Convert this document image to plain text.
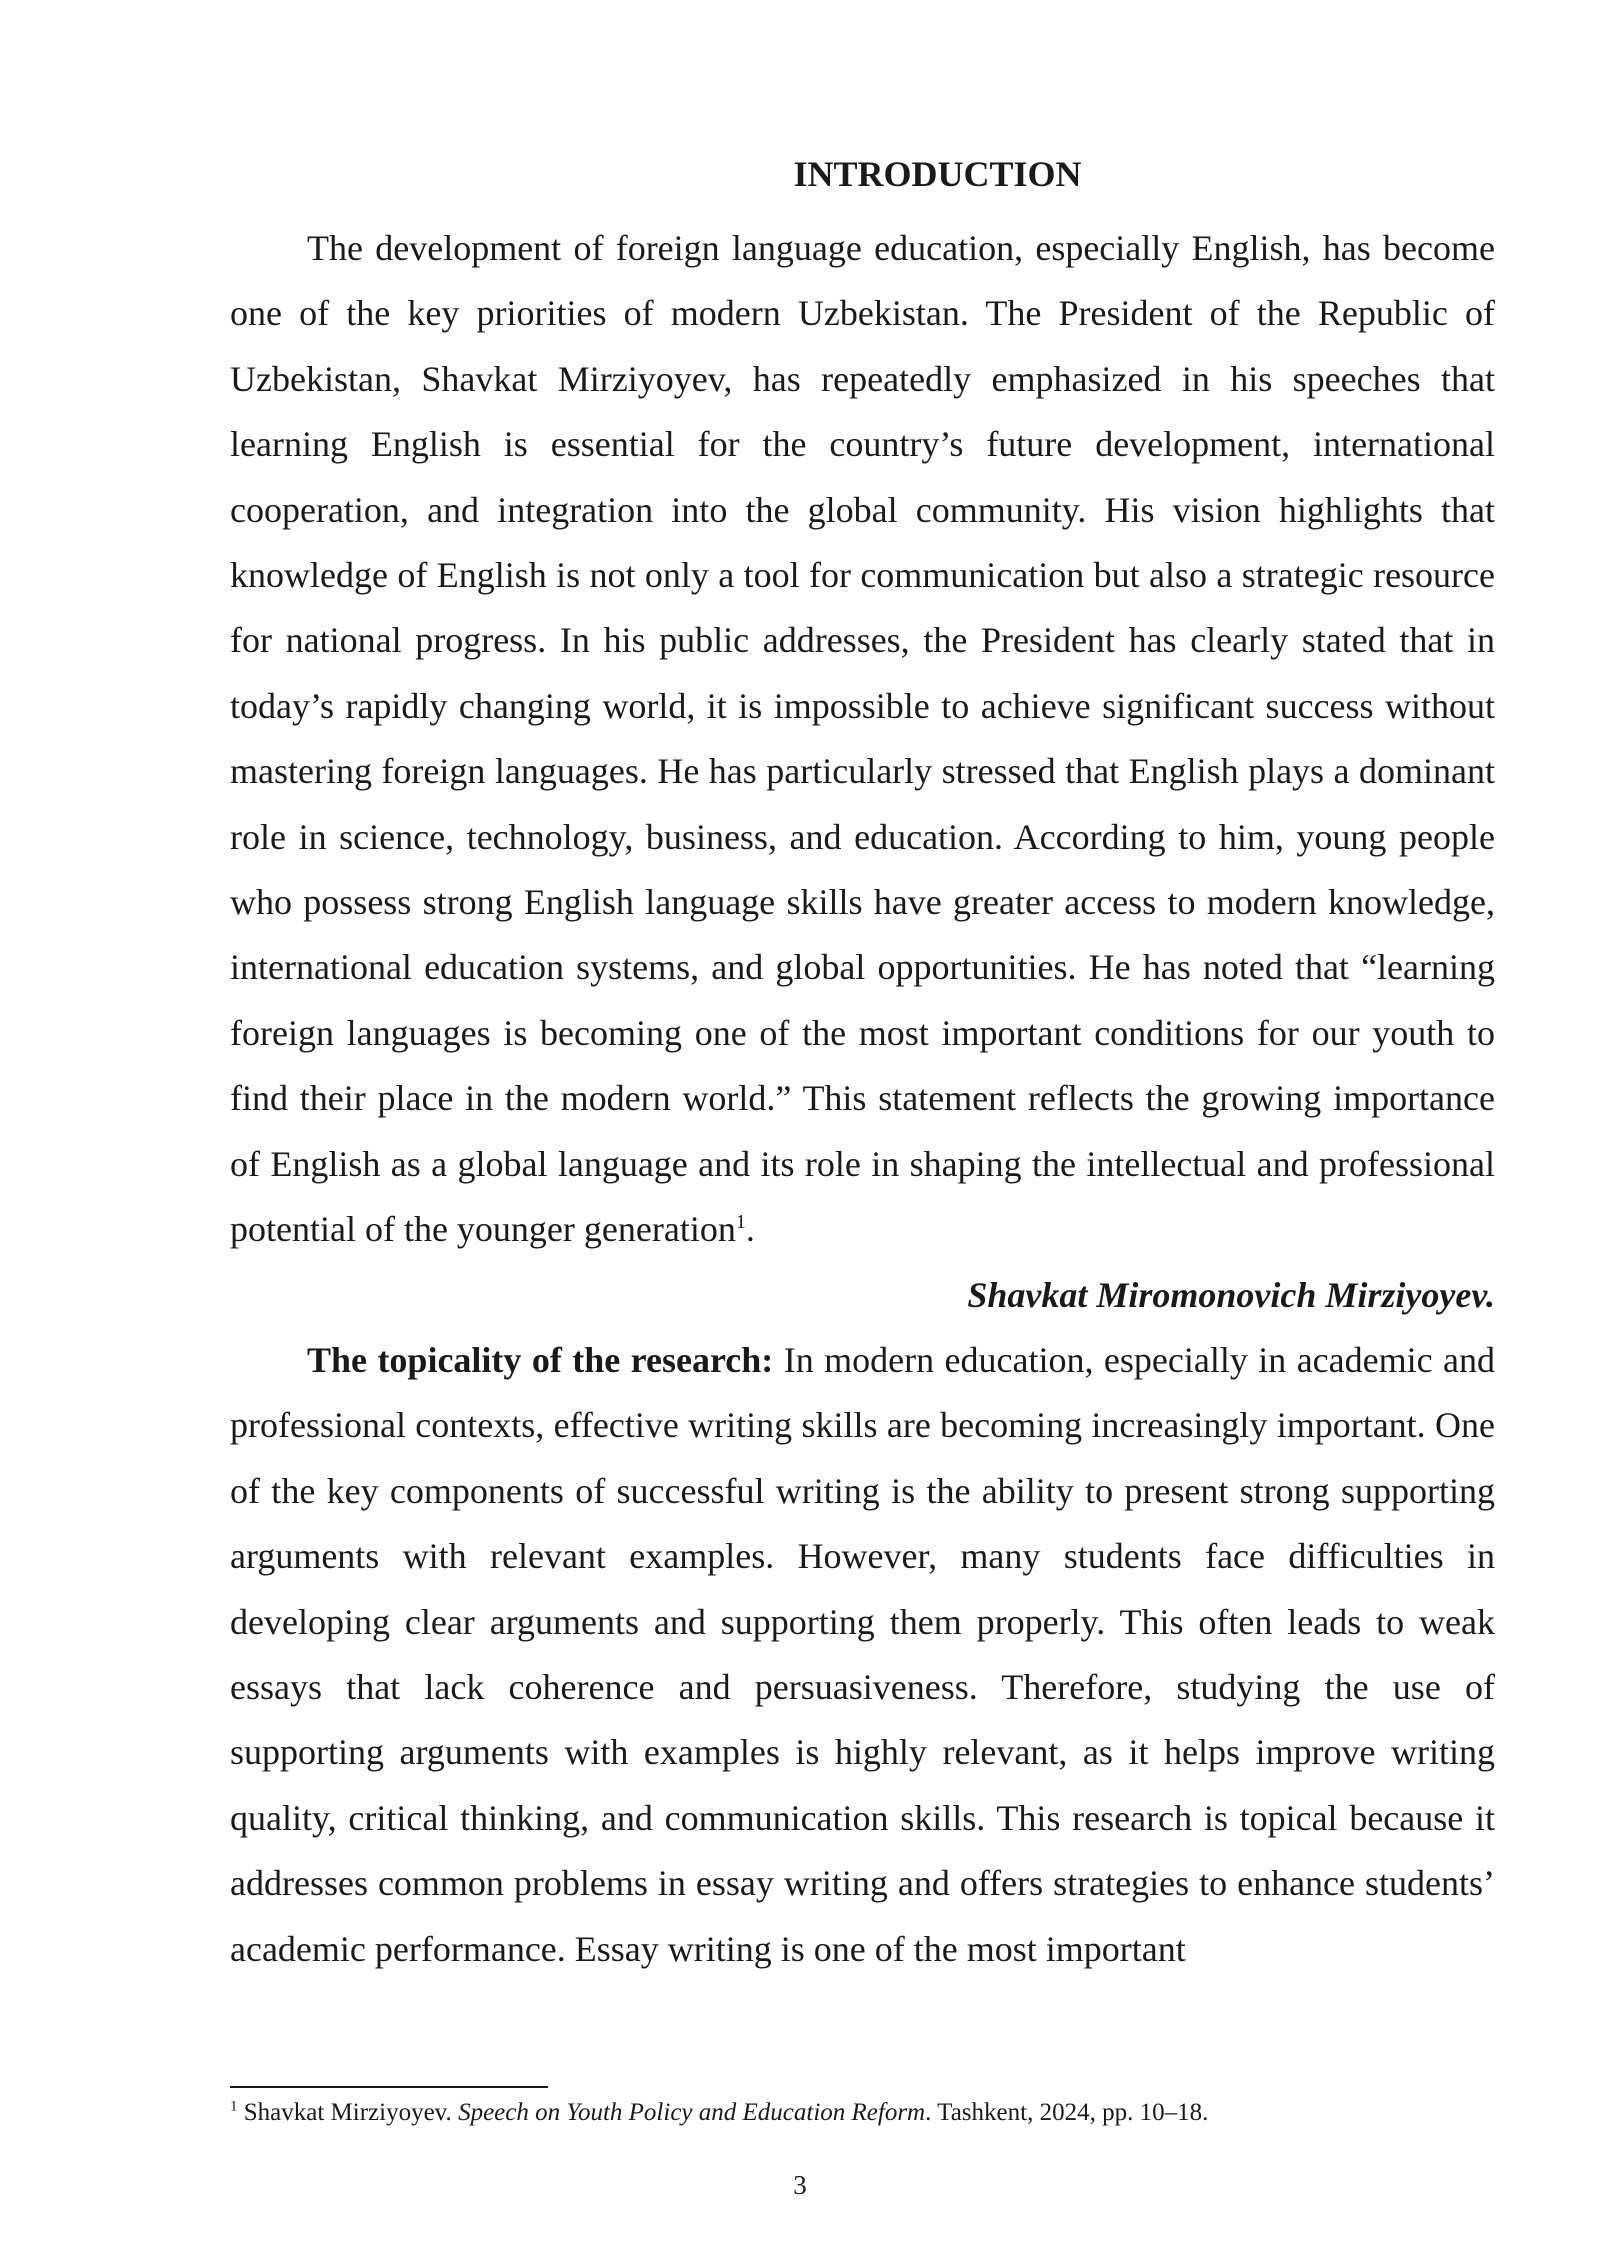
INTRODUCTION

The development of foreign language education, especially English, has become one of the key priorities of modern Uzbekistan. The President of the Republic of Uzbekistan, Shavkat Mirziyoyev, has repeatedly emphasized in his speeches that learning English is essential for the country’s future development, international cooperation, and integration into the global community. His vision highlights that knowledge of English is not only a tool for communication but also a strategic resource for national progress. In his public addresses, the President has clearly stated that in today’s rapidly changing world, it is impossible to achieve significant success without mastering foreign languages. He has particularly stressed that English plays a dominant role in science, technology, business, and education. According to him, young people who possess strong English language skills have greater access to modern knowledge, international education systems, and global opportunities. He has noted that “learning foreign languages is becoming one of the most important conditions for our youth to find their place in the modern world.” This statement reflects the growing importance of English as a global language and its role in shaping the intellectual and professional potential of the younger generation$^1$.

Shavkat Miromonovich Mirziyoyev.

The topicality of the research: In modern education, especially in academic and professional contexts, effective writing skills are becoming increasingly important. One of the key components of successful writing is the ability to present strong supporting arguments with relevant examples. However, many students face difficulties in developing clear arguments and supporting them properly. This often leads to weak essays that lack coherence and persuasiveness. Therefore, studying the use of supporting arguments with examples is highly relevant, as it helps improve writing quality, critical thinking, and communication skills. This research is topical because it addresses common problems in essay writing and offers strategies to enhance students’ academic performance. Essay writing is one of the most important

$^1$ Shavkat Mirziyoyev. Speech on Youth Policy and Education Reform. Tashkent, 2024, pp. 10–18.
3
